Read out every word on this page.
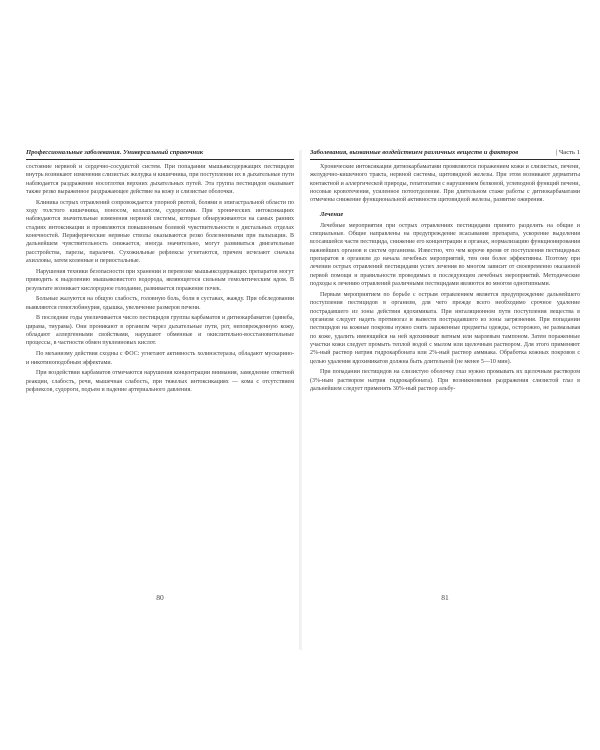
Профессиональные заболевания. Универсальный справочник

состояние нервной и сердечно-сосудистой систем. При попадании мышьяксодержащих пестицидов внутрь возникают изменения слизистых желудка и кишечника, при поступлении их в дыхательные пути наблюдается раздражение носоглотки верхних дыхательных путей. Эта группа пестицидов оказывает также резко выраженное раздражающее действие на кожу и слизистые оболочки.

Клиника острых отравлений сопровождается упорной рвотой, болями в эпигастральной области по ходу толстого кишечника, поносом, коллапсом, судорогами. При хронических интоксикациях наблюдаются значительные изменения нервной системы, которые обнаруживаются на самых ранних стадиях интоксикации и проявляются повышенным болевой чувствительности в дистальных отделах конечностей. Периферические нервные стволы оказываются резко болезненными при пальпации. В дальнейшем чувствительность снижается, иногда значительно, могут развиваться двигательные расстройства, парезы, параличи. Сухожильные рефлексы угнетаются, причем исчезают сначала ахилловы, затем коленные и периостальные.

Нарушения техники безопасности при хранении и перевозке мышьяксодержащих препаратов могут приводить к выделению мышьяковистого водорода, являющегося сильным гемолитическим ядом. В результате возникает кислородное голодание, развивается поражение почек.

Больные жалуются на общую слабость, головную боль, боли в суставах, жажду. При обследовании выявляются гемоглобинурия, одышка, увеличение размеров печени.

В последние годы увеличивается число пестицидов группы карбаматов и дитиокарбаматов (цинеба, цирама, тиурама). Они проникают в организм через дыхательные пути, рот, неповрежденную кожу, обладают аллергенными свойствами, нарушают обменные и окислительно-восстановительные процессы, в частности обмен пуклеиновых кислот.

По механизму действия сходны с ФОС: угнетают активность холинэстеразы, обладают мускарино- и никотиноподобным эффектами.

При воздействии карбаматов отмечаются нарушения концентрации внимания, замедление ответной реакции, слабость, речи, мышечная слабость, при тяжелых интоксикациях — кома с отсутствием рефлексов, судороги, подъем и падение артериального давления.

Заболевания, вызванные воздействием различных веществ и факторов	| Часть 1

Хронические интоксикации дитиокарбаматами проявляются поражением кожи и слизистых, печени, желудочно-кишечного тракта, нервной системы, щитовидной железы. При этом возникают дерматиты контактной и аллергической природы, гепатопатии с нарушением белковой, углеводной функций печени, носовые кровотечения, усиленное потоотделение. При длительном стаже работы с дитиокарбаматами отмечены снижение функциональной активности щитовидной железы, развитие ожирения.

Лечение

Лечебные мероприятия при острых отравлениях пестицидами принято разделять на общие и специальные. Общие направлены на предупреждение всасывания препарата, ускорение выделения всосавшейся части пестицида, снижение его концентрации в органах, нормализацию функционирования важнейших органов и систем организма. Известно, что чем короче время от поступления пестицидных препаратов в организм до начала лечебных мероприятий, тем они более эффективны. Поэтому при лечении острых отравлений пестицидами успех лечения во многом зависит от своевременно оказанной первой помощи и правильности проводимых в последующем лечебных мероприятий. Методические подходы к лечению отравлений различными пестицидами являются во многом однотипными.

Первым мероприятием по борьбе с острым отравлением является предупреждение дальнейшего поступления пестицидов в организм, для чего прежде всего необходимо срочное удаление пострадавшего из зоны действия ядохимиката. При ингаляционном пути поступления вещества в организм следует надеть противогаз и вывести пострадавшего из зоны загрязнения. При попадании пестицидов на кожные покровы нужно снять зараженные предметы одежды, осторожно, не размазывая по коже, удалить имеющийся на ней ядохимикат ватным или марлевым тампоном. Затем пораженные участки кожи следует промыть теплой водой с мылом или щелочным раствором. Для этого применяют 2%-ный раствор натрия гидрокарбоната или 2%-ный раствор аммиака. Обработка кожных покровов с целью удаления ядохимикатов должна быть длительной (не менее 5—10 мин).

При попадании пестицидов на слизистую оболочку глаз нужно промывать их щелочным раствором (3%-ным раствором натрия гидрокарбоната). При возникновении раздражения слизистой глаз в дальнейшем следует применять 30%-ный раствор альбу-

80	81
